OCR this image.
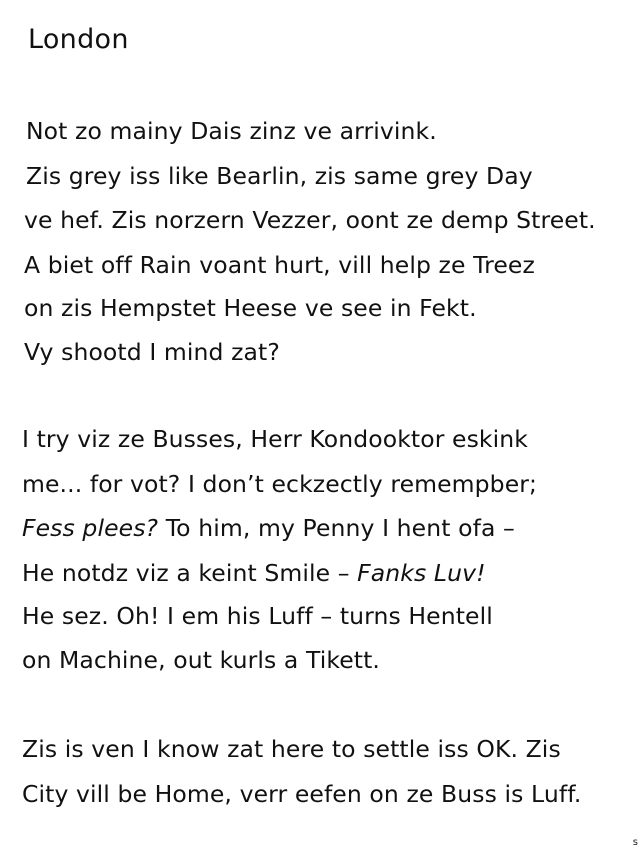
London
Not zo mainy Dais zinz ve arrivink.
Zis grey iss like Bearlin, zis same grey Day
ve hef. Zis norzern Vezzer, oont ze demp Street.
A biet off Rain voant hurt, vill help ze Treez
on zis Hempstet Heese ve see in Fekt.
Vy shootd I mind zat?
I try viz ze Busses, Herr Kondooktor eskink
me... for vot? I don’t eckzectly remempber;
Fess plees? To him, my Penny I hent ofa –
He notdz viz a keint Smile – Fanks Luv!
He sez. Oh! I em his Luff – turns Hentell
on Machine, out kurls a Tikett.
Zis is ven I know zat here to settle iss OK. Zis
City vill be Home, verr eefen on ze Buss is Luff.
s
